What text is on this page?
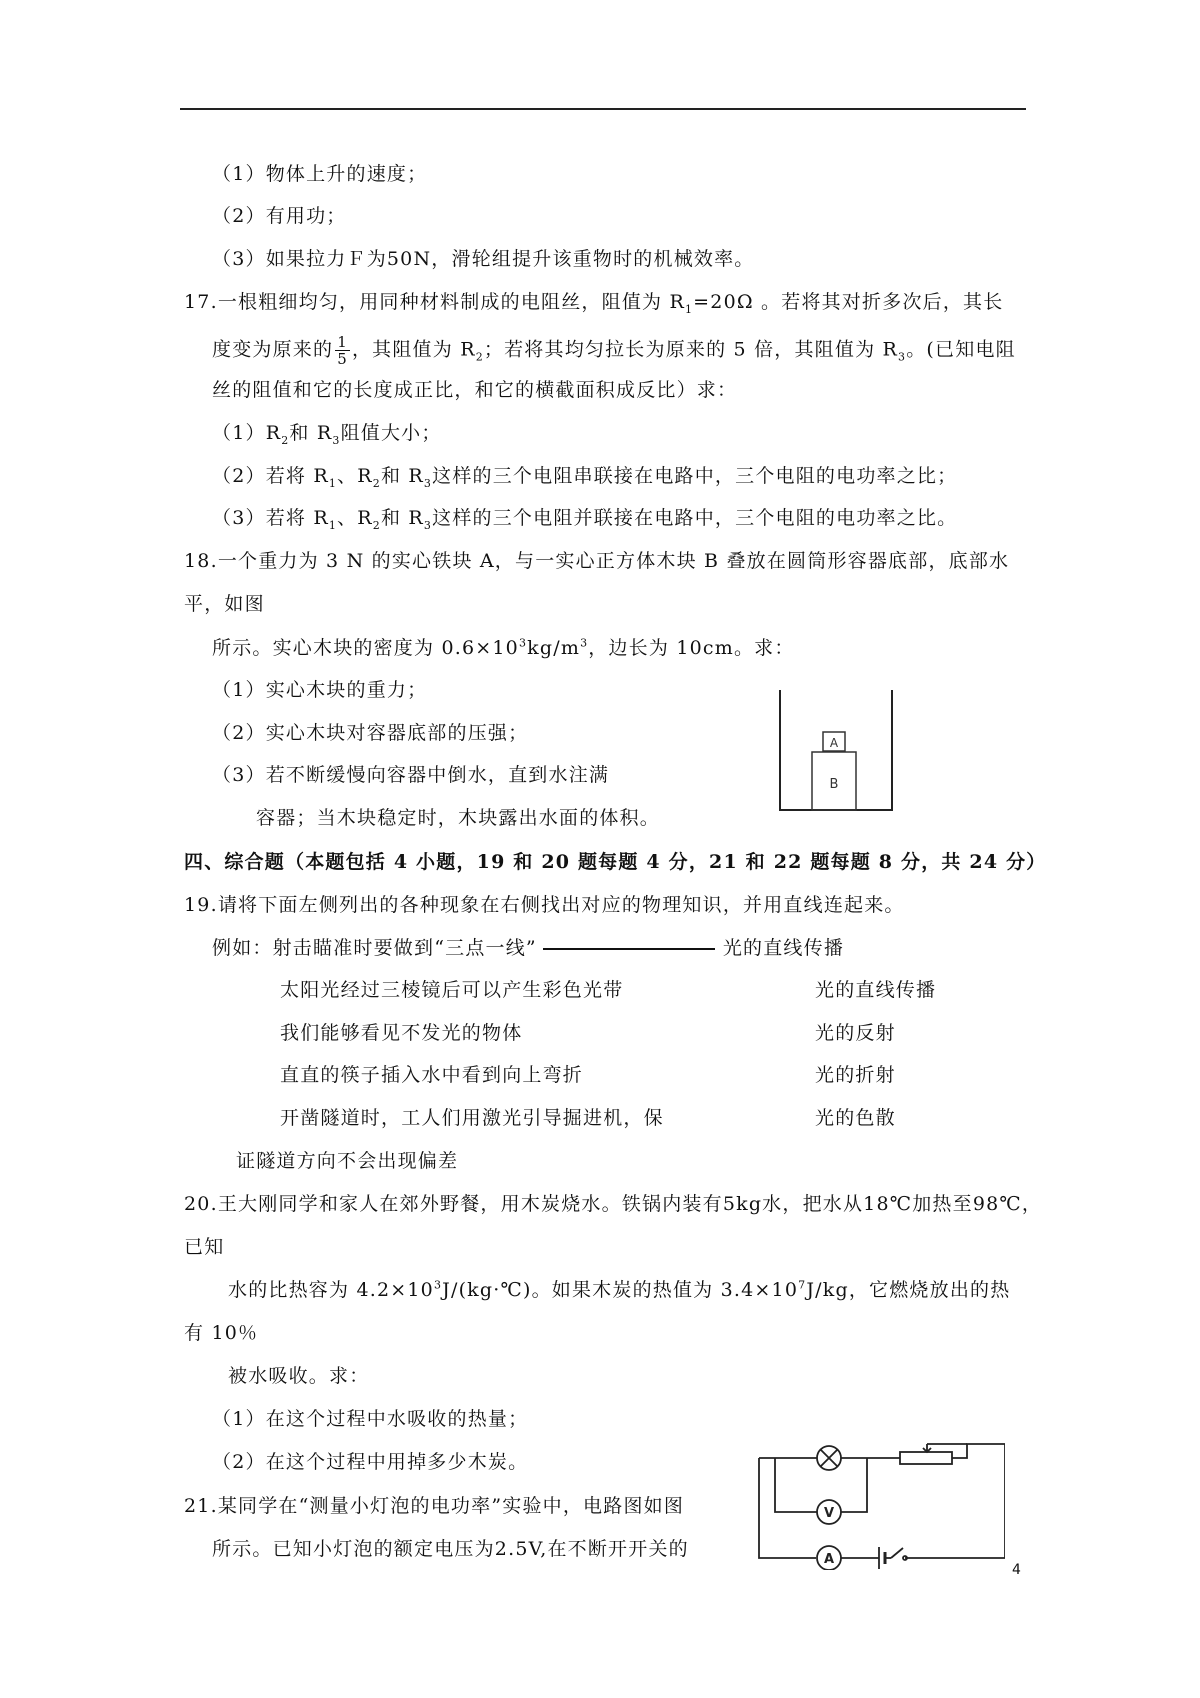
（1）物体上升的速度；
（2）有用功；
（3）如果拉力Ｆ为50N，滑轮组提升该重物时的机械效率。
17.一根粗细均匀，用同种材料制成的电阻丝，阻值为 $R_1=20\Omega$ 。若将其对折多次后，其长
度变为原来的 $\frac{1}{5}$ ，其阻值为 $R_2$；若将其均匀拉长为原来的 5 倍，其阻值为 $R_3$。(已知电阻
丝的阻值和它的长度成正比，和它的横截面积成反比）求：
$(1)R_2$和 $R_3$阻值大小；
（2）若将 $R_1$、$R_2$和 $R_3$这样的三个电阻串联接在电路中，三个电阻的电功率之比；
（3）若将 $R_1$、$R_2$和 $R_3$这样的三个电阻并联接在电路中，三个电阻的电功率之比。
18.一个重力为 3 N 的实心铁块 A，与一实心正方体木块 B 叠放在圆筒形容器底部，底部水
平，如图
所示。实心木块的密度为 $0.6\times 10^3kg/m^3$，边长为 10cm。求：
（1）实心木块的重力；
（2）实心木块对容器底部的压强；
（3）若不断缓慢向容器中倒水，直到水注满
容器；当木块稳定时，木块露出水面的体积。
A
B
四、综合题（本题包括 4 小题，19 和 20 题每题 4 分，21 和 22 题每题 8 分，共 24 分）
19.请将下面左侧列出的各种现象在右侧找出对应的物理知识，并用直线连起来。
例如：射击瞄准时要做到“三点一线”	光的直线传播
太阳光经过三棱镜后可以产生彩色光带
我们能够看见不发光的物体
直直的筷子插入水中看到向上弯折
开凿隧道时，工人们用激光引导掘进机，保
证隧道方向不会出现偏差
光的直线传播
光的反射
光的折射
光的色散
20.王大刚同学和家人在郊外野餐，用木炭烧水。铁锅内装有5kg水，把水从18℃加热至98℃，
已知
水的比热容为 $4.2\times 10^3J/(kg\cdot℃)$。如果木炭的热值为 $3.4\times 10^7J/kg$，它燃烧放出的热
有 10％
被水吸收。求：
（1）在这个过程中水吸收的热量；
（2）在这个过程中用掉多少木炭。
21.某同学在“测量小灯泡的电功率”实验中，电路图如图
所示。已知小灯泡的额定电压为2.5V,在不断开开关的
V
A
4
